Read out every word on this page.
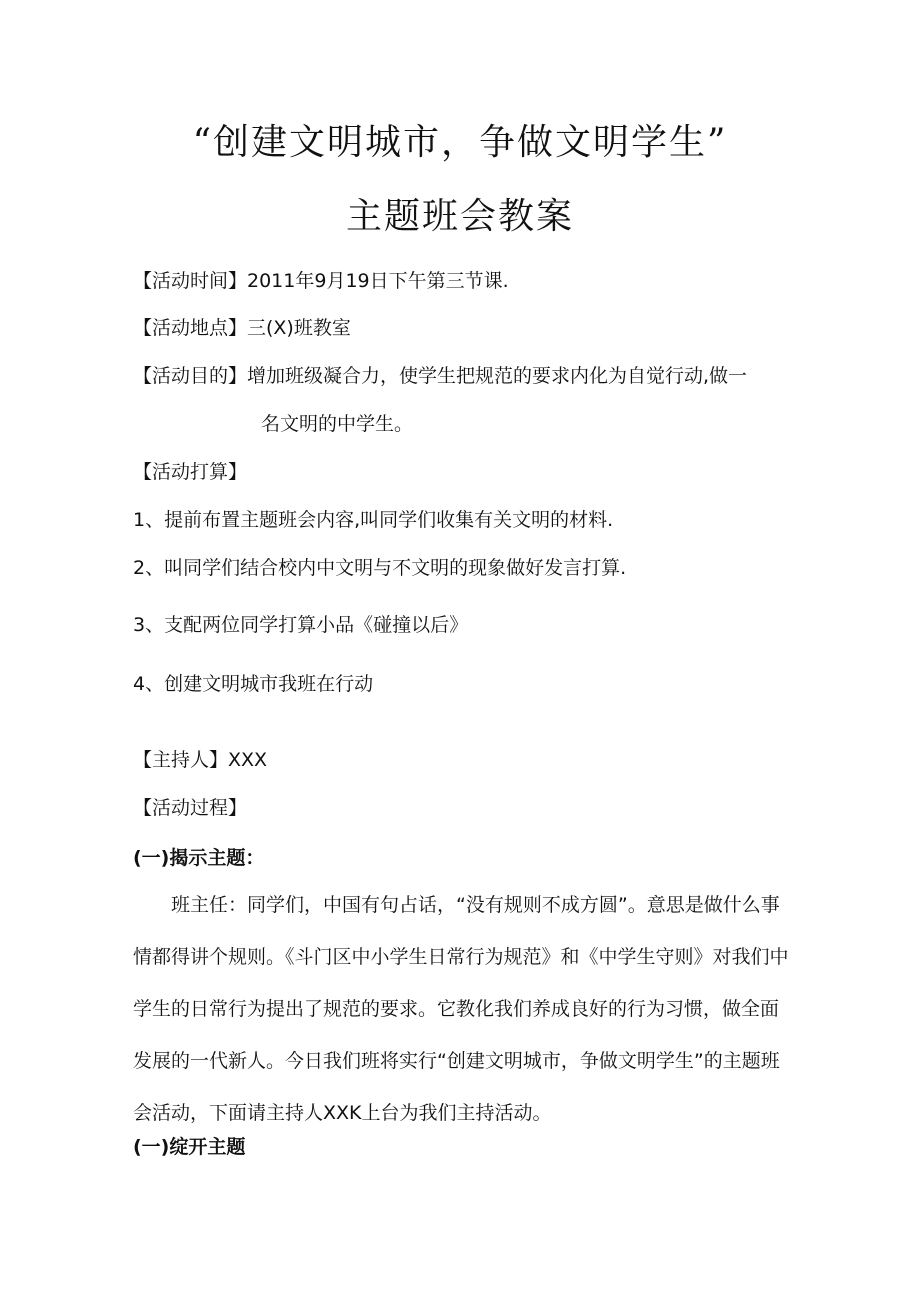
“创建文明城市，争做文明学生”
主题班会教案
【活动时间】2011年9月19日下午第三节课.
【活动地点】三(X)班教室
【活动目的】增加班级凝合力，使学生把规范的要求内化为自觉行动,做一
名文明的中学生。
【活动打算】
1、提前布置主题班会内容,叫同学们收集有关文明的材料.
2、叫同学们结合校内中文明与不文明的现象做好发言打算.
3、支配两位同学打算小品《碰撞以后》
4、创建文明城市我班在行动
【主持人】XXX
【活动过程】
(一)揭示主题：
班主任：同学们，中国有句占话，“没有规则不成方圆”。意思是做什么事情都得讲个规则。《斗门区中小学生日常行为规范》和《中学生守则》对我们中学生的日常行为提出了规范的要求。它教化我们养成良好的行为习惯，做全面发展的一代新人。今日我们班将实行“创建文明城市，争做文明学生”的主题班会活动，下面请主持人XXK上台为我们主持活动。
(一)绽开主题
